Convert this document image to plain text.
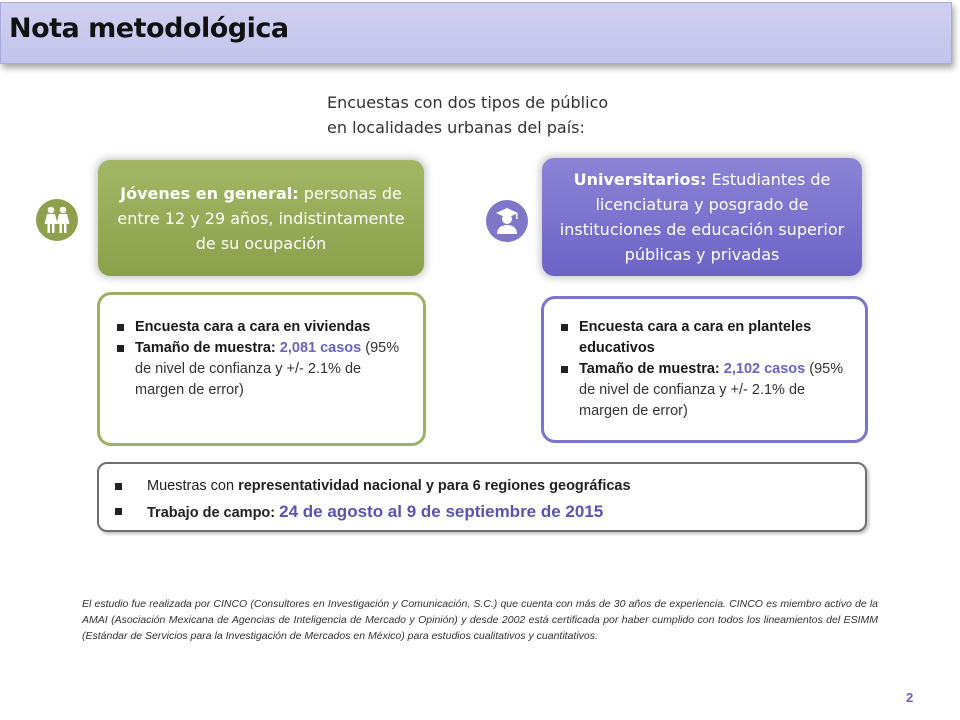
Nota metodológica
Encuestas con dos tipos de público
en localidades urbanas del país:
Jóvenes en general: personas de entre 12 y 29 años, indistintamente de su ocupación
Universitarios: Estudiantes de licenciatura y posgrado de instituciones de educación superior públicas y privadas
Encuesta cara a cara en viviendas
Tamaño de muestra: 2,081 casos (95% de nivel de confianza y +/- 2.1% de margen de error)
Encuesta cara a cara en planteles educativos
Tamaño de muestra: 2,102 casos (95% de nivel de confianza y +/- 2.1% de margen de error)
Muestras con representatividad nacional y para 6 regiones geográficas
Trabajo de campo: 24 de agosto al 9 de septiembre de 2015
El estudio fue realizada por CINCO (Consultores en Investigación y Comunicación, S.C.) que cuenta con más de 30 años de experiencia. CINCO es miembro activo de la AMAI (Asociación Mexicana de Agencias de Inteligencia de Mercado y Opinión) y desde 2002 está certificada por haber cumplido con todos los lineamientos del ESIMM (Estándar de Servicios para la Investigación de Mercados en México) para estudios cualitativos y cuantitativos.
2
